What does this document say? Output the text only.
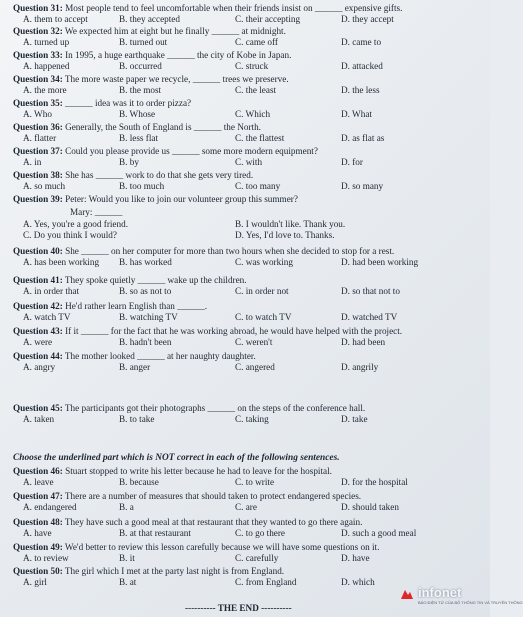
Question 31: Most people tend to feel uncomfortable when their friends insist on ______ expensive gifts.
A. them to accept	B. they accepted	C. their accepting	D. they accept
Question 32: We expected him at eight but he finally ______ at midnight.
A. turned up	B. turned out	C. came off	D. came to
Question 33: In 1995, a huge earthquake ______ the city of Kobe in Japan.
A. happened	B. occurred	C. struck	D. attacked
Question 34: The more waste paper we recycle, ______ trees we preserve.
A. the more	B. the most	C. the least	D. the less
Question 35: ______ idea was it to order pizza?
A. Who	B. Whose	C. Which	D. What
Question 36: Generally, the South of England is ______ the North.
A. flatter	B. less flat	C. the flattest	D. as flat as
Question 37: Could you please provide us ______ some more modern equipment?
A. in	B. by	C. with	D. for
Question 38: She has ______ work to do that she gets very tired.
A. so much	B. too much	C. too many	D. so many
Question 39: Peter: Would you like to join our volunteer group this summer?
Mary: ______
A. Yes, you're a good friend.	B. I wouldn't like. Thank you.
C. Do you think I would?	D. Yes, I'd love to. Thanks.
Question 40: She ______ on her computer for more than two hours when she decided to stop for a rest.
A. has been working B. has worked	C. was working	D. had been working
Question 41: They spoke quietly ______ wake up the children.
A. in order that	B. so as not to	C. in order not	D. so that not to
Question 42: He'd rather learn English than ______.
A. watch TV	B. watching TV	C. to watch TV	D. watched TV
Question 43: If it ______ for the fact that he was working abroad, he would have helped with the project.
A. were	B. hadn't been	C. weren't	D. had been
Question 44: The mother looked ______ at her naughty daughter.
A. angry	B. anger	C. angered	D. angrily
Question 45: The participants got their photographs ______ on the steps of the conference hall.
A. taken	B. to take	C. taking	D. take
Choose the underlined part which is NOT correct in each of the following sentences.
Question 46: Stuart stopped to write his letter because he had to leave for the hospital.
A. leave	B. because	C. to write	D. for the hospital
Question 47: There are a number of measures that should taken to protect endangered species.
A. endangered	B. a	C. are	D. should taken
Question 48: They have such a good meal at that restaurant that they wanted to go there again.
A. have	B. at that restaurant	C. to go there	D. such a good meal
Question 49: We'd better to review this lesson carefully because we will have some questions on it.
A. to review	B. it	C. carefully	D. have
Question 50: The girl which I met at the party last night is from England.
A. girl	B. at	C. from England	D. which
---------- THE END ----------
infonet
BÁO ĐIỆN TỬ CỦA BỘ THÔNG TIN VÀ TRUYỀN THÔNG
